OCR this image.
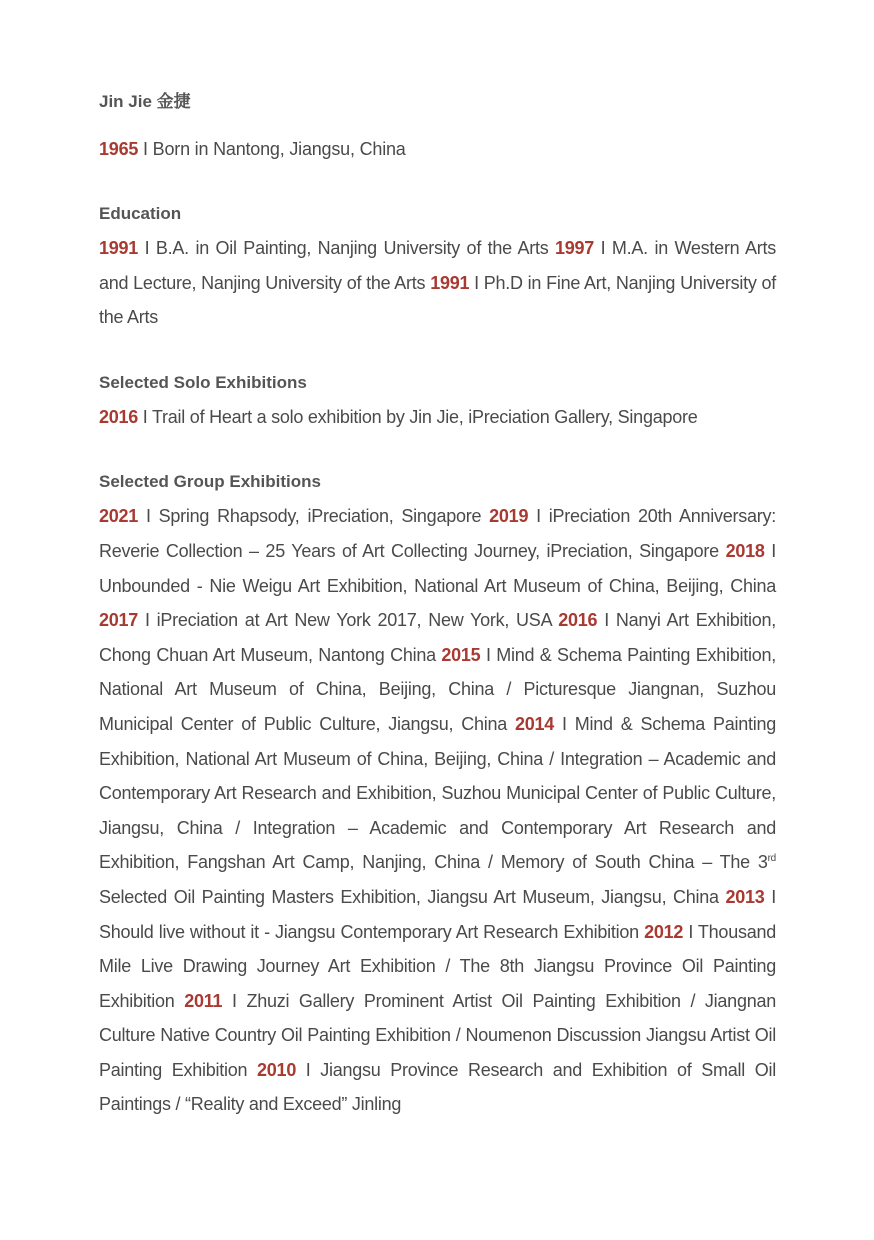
Jin Jie 金捷

1965 I Born in Nantong, Jiangsu, China

Education

1991 I B.A. in Oil Painting, Nanjing University of the Arts 1997 I M.A. in Western Arts and Lecture, Nanjing University of the Arts 1991 I Ph.D in Fine Art, Nanjing University of the Arts

Selected Solo Exhibitions

2016 I Trail of Heart a solo exhibition by Jin Jie, iPreciation Gallery, Singapore

Selected Group Exhibitions

2021 I Spring Rhapsody, iPreciation, Singapore 2019 I iPreciation 20th Anniversary: Reverie Collection – 25 Years of Art Collecting Journey, iPreciation, Singapore 2018 I Unbounded - Nie Weigu Art Exhibition, National Art Museum of China, Beijing, China 2017 I iPreciation at Art New York 2017, New York, USA 2016 I Nanyi Art Exhibition, Chong Chuan Art Museum, Nantong China 2015 I Mind & Schema Painting Exhibition, National Art Museum of China, Beijing, China / Picturesque Jiangnan, Suzhou Municipal Center of Public Culture, Jiangsu, China 2014 I Mind & Schema Painting Exhibition, National Art Museum of China, Beijing, China / Integration – Academic and Contemporary Art Research and Exhibition, Suzhou Municipal Center of Public Culture, Jiangsu, China / Integration – Academic and Contemporary Art Research and Exhibition, Fangshan Art Camp, Nanjing, China / Memory of South China – The 3rd Selected Oil Painting Masters Exhibition, Jiangsu Art Museum, Jiangsu, China 2013 I Should live without it - Jiangsu Contemporary Art Research Exhibition 2012 I Thousand Mile Live Drawing Journey Art Exhibition / The 8th Jiangsu Province Oil Painting Exhibition 2011 I Zhuzi Gallery Prominent Artist Oil Painting Exhibition / Jiangnan Culture Native Country Oil Painting Exhibition / Noumenon Discussion Jiangsu Artist Oil Painting Exhibition 2010 I Jiangsu Province Research and Exhibition of Small Oil Paintings / “Reality and Exceed” Jinling
